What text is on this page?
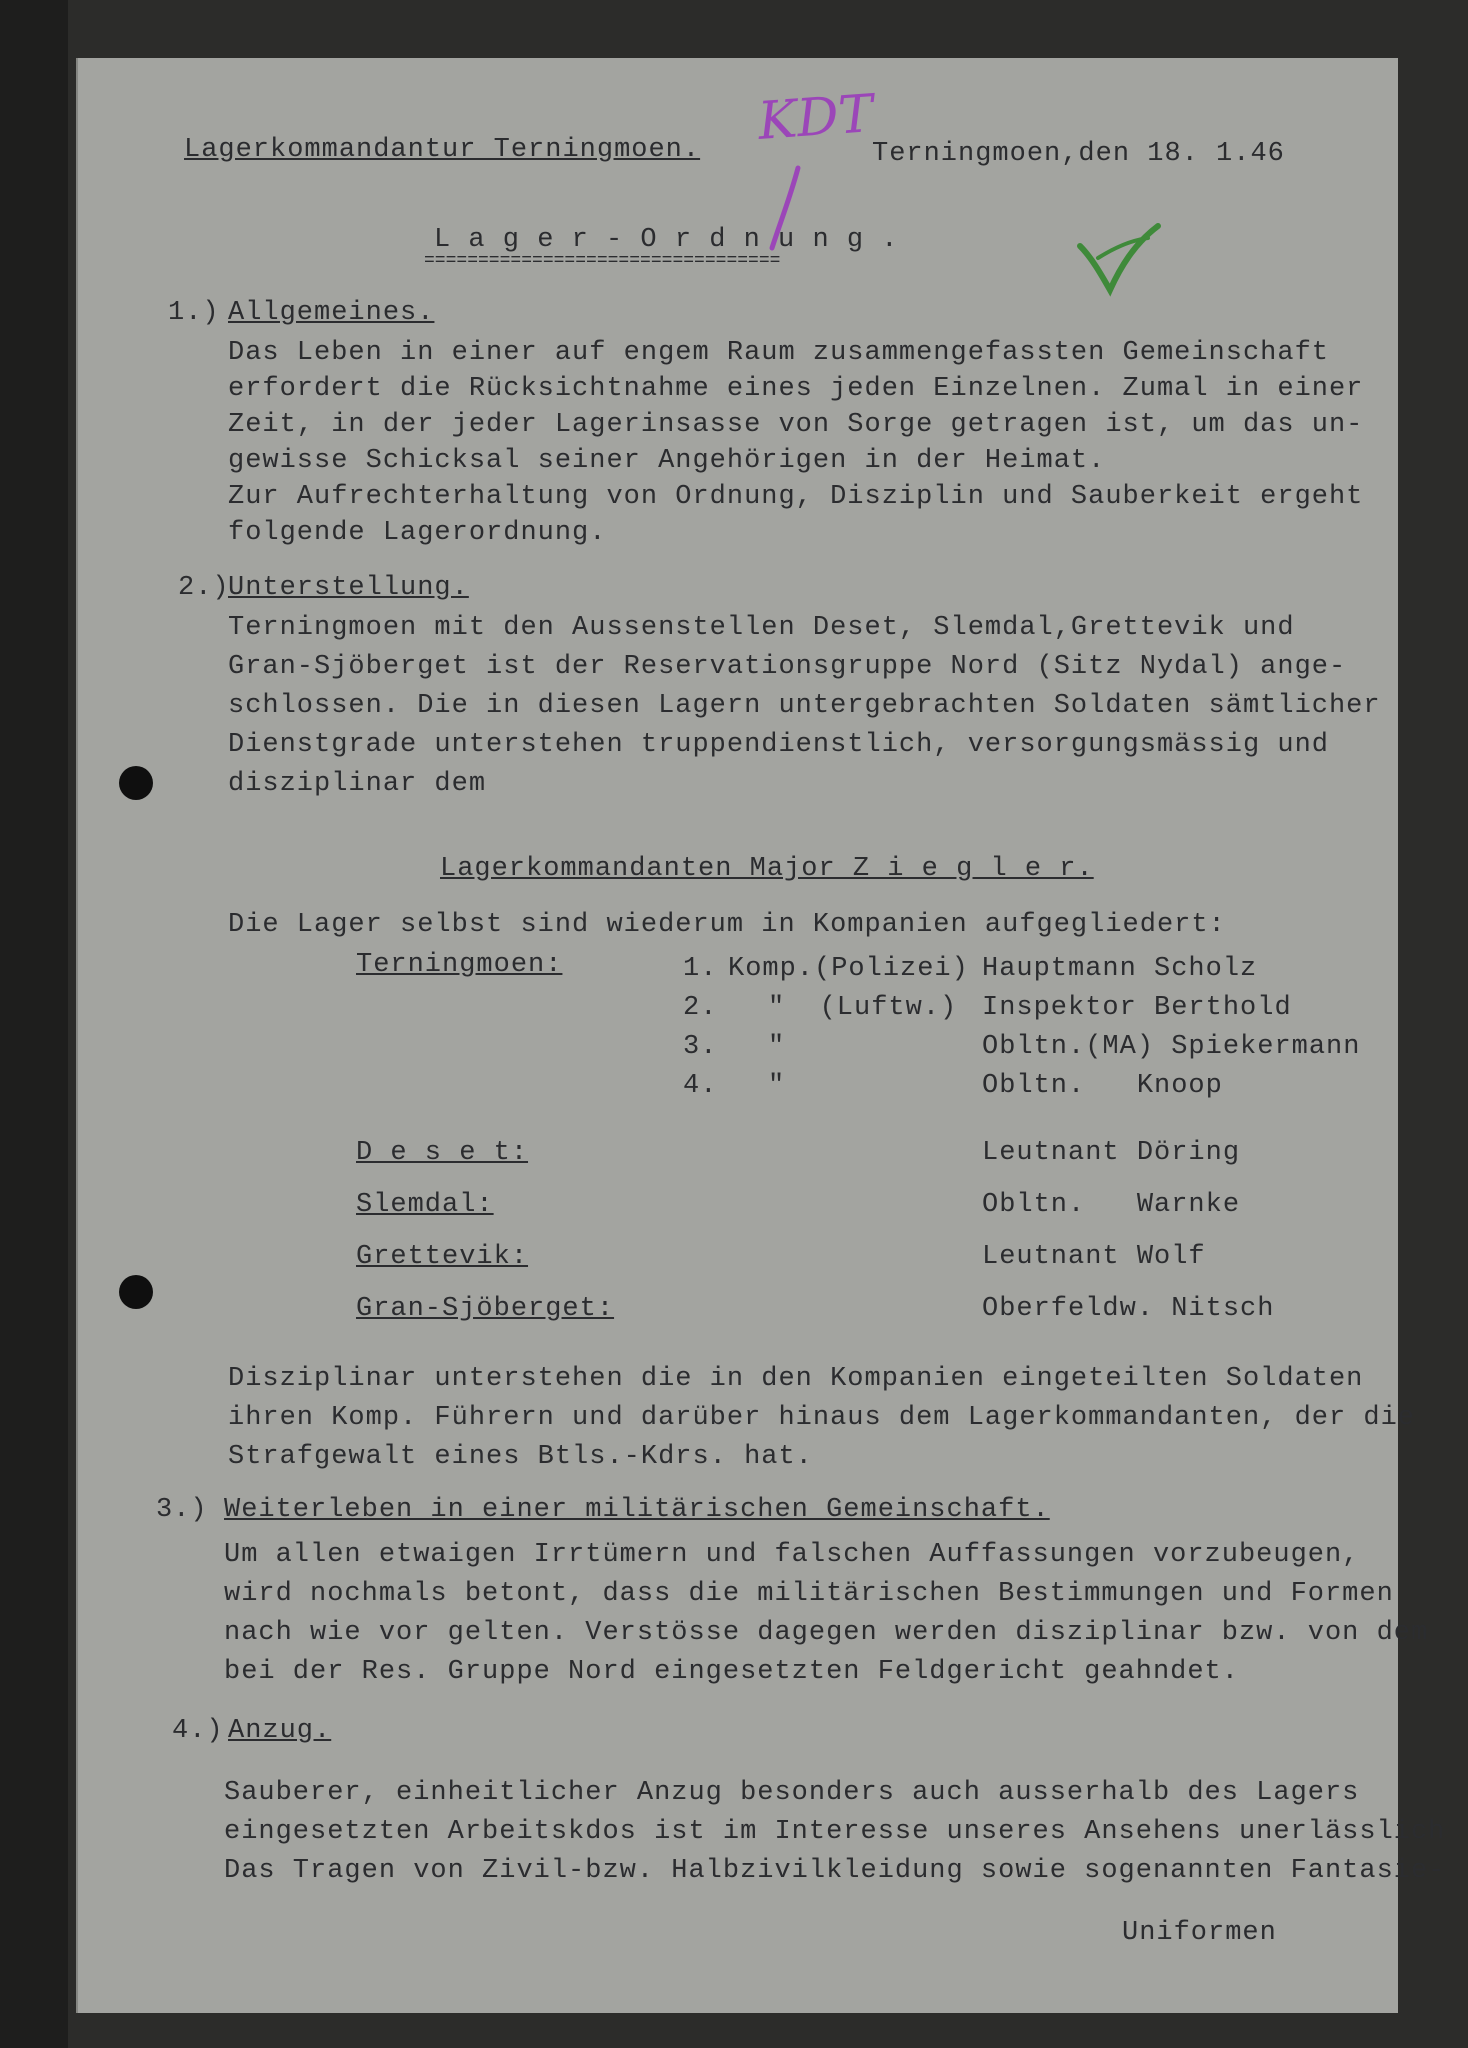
Lagerkommandantur Terningmoen.	Terningmoen,den 18. 1.46
KDT
L a g e r - O r d n u n g .
=================================
1.) Allgemeines.
Das Leben in einer auf engem Raum zusammengefassten Gemeinschaft
erfordert die Rücksichtnahme eines jeden Einzelnen. Zumal in einer
Zeit, in der jeder Lagerinsasse von Sorge getragen ist, um das un-
gewisse Schicksal seiner Angehörigen in der Heimat.
Zur Aufrechterhaltung von Ordnung, Disziplin und Sauberkeit ergeht
folgende Lagerordnung.
2.)
Unterstellung.
Terningmoen mit den Aussenstellen Deset, Slemdal,Grettevik und
Gran-Sjöberget ist der Reservationsgruppe Nord (Sitz Nydal) ange-
schlossen. Die in diesen Lagern untergebrachten Soldaten sämtlicher
Dienstgrade unterstehen truppendienstlich, versorgungsmässig und
disziplinar dem
Lagerkommandanten Major Z i e g l e r.
Die Lager selbst sind wiederum in Kompanien aufgegliedert:
Terningmoen:	1. Komp.(Polizei) Hauptmann Scholz
2. "  (Luftw.) Inspektor Berthold
3. "	Obltn.(MA) Spiekermann
4. "	Obltn.   Knoop
D e s e t:	Leutnant Döring
Slemdal:	Obltn.   Warnke
Grettevik:	Leutnant Wolf
Gran-Sjöberget:	Oberfeldw. Nitsch
Disziplinar unterstehen die in den Kompanien eingeteilten Soldaten
ihren Komp. Führern und darüber hinaus dem Lagerkommandanten, der die
Strafgewalt eines Btls.-Kdrs. hat.
3.) Weiterleben in einer militärischen Gemeinschaft.
Um allen etwaigen Irrtümern und falschen Auffassungen vorzubeugen,
wird nochmals betont, dass die militärischen Bestimmungen und Formen
nach wie vor gelten. Verstösse dagegen werden disziplinar bzw. von dem
bei der Res. Gruppe Nord eingesetzten Feldgericht geahndet.
4.) Anzug.
Sauberer, einheitlicher Anzug besonders auch ausserhalb des Lagers
eingesetzten Arbeitskdos ist im Interesse unseres Ansehens unerlässlich
Das Tragen von Zivil-bzw. Halbzivilkleidung sowie sogenannten Fantasie-
Uniformen
